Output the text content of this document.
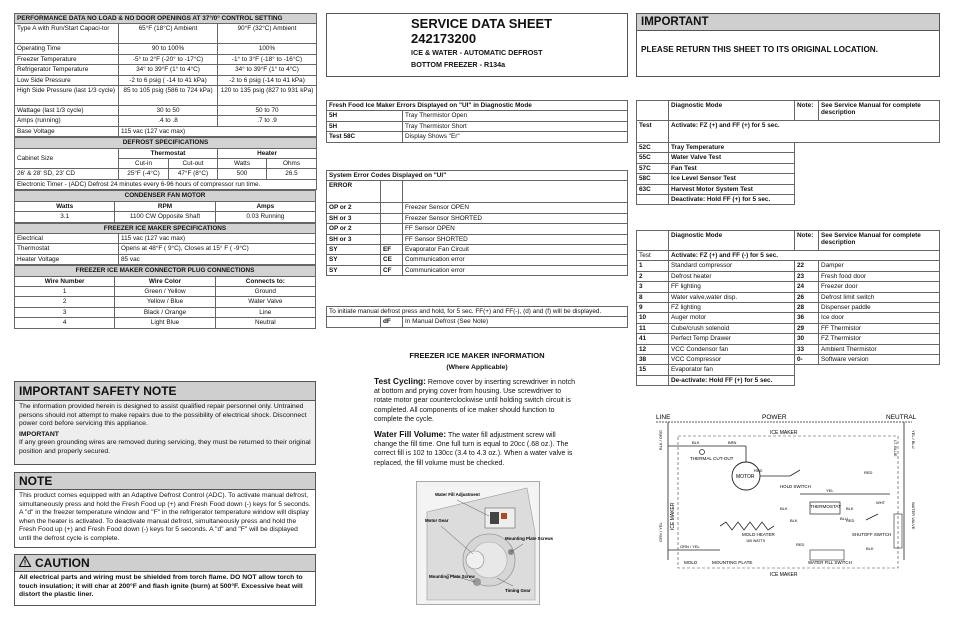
PERFORMANCE DATA NO LOAD & NO DOOR OPENINGS AT 37°/0° CONTROL SETTING		
Type A with Run/Start Capaci-tor	65°F (18°C) Ambient	90°F (32°C) Ambient
Operating Time	90 to 100%	100%
Freezer Temperature	-5° to 2°F (-20° to -17°C)	-1° to 3°F (-18° to -16°C)
Refrigerator Temperature	34° to 39°F (1° to 4°C)	34° to 39°F (1° to 4°C)
Low Side Pressure	-2 to 6 psig ( -14 to 41 kPa)	-2 to 6 psig (-14 to 41 kPa)
High Side Pressure (last 1/3 cycle)	85 to 105 psig (586 to 724 kPa)	120 to 135 psig (827 to 931 kPa)
Wattage (last 1/3 cycle)	30 to 50	50 to 70
Amps (running)	.4 to .8	.7 to .9
Base Voltage	115 vac (127 vac max)	
DEFROST SPECIFICATIONS				
Cabinet Size	Thermostat		Heater	
	Cut-in	Cut-out	Watts	Ohms
26' & 28' SD, 23' CD	25°F (-4°C)	47°F (8°C)	500	26.5
Electronic Timer - (ADC) Defrost 24 minutes every 6-96 hours of compressor run time.				
CONDENSER FAN MOTOR		
Watts	RPM	Amps
3.1	1100 CW Opposite Shaft	0.03 Running
FREEZER ICE MAKER SPECIFICATIONS	
Electrical	115 vac (127 vac max)
Thermostat	Opens at 48°F ( 9°C), Closes at 15° F ( -9°C)
Heater Voltage	85 vac
FREEZER ICE MAKER CONNECTOR PLUG CONNECTIONS		
Wire Number	Wire Color	Connects to:
1	Green / Yellow	Ground
2	Yellow / Blue	Water Valve
3	Black / Orange	Line
4	Light Blue	Neutral
IMPORTANT SAFETY NOTE
The information provided herein is designed to assist qualified repair personnel only. Untrained persons should not attempt to make repairs due to the possibility of electrical shock. Disconnect power cord before servicing this appliance.
IMPORTANT
If any green grounding wires are removed during servicing, they must be returned to their original position and properly secured.
NOTE
This product comes equipped with an Adaptive Defrost Control (ADC). To activate manual defrost, simultaneously press and hold the Fresh Food up (+) and Fresh Food down (-) keys for 5 seconds. A "d" in the freezer temperature window and "F" in the refrigerator temperature window will display when the heater is activated. To deactivate manual defrost, simultaneously press and hold the Fresh Food up (+) and Fresh Food down (-) keys for 5 seconds. A "d" and "F" will be displayed until the defrost cycle is complete.
CAUTION
All electrical parts and wiring must be shielded from torch flame. DO NOT allow torch to touch insulation; it will char at 200°F and flash ignite (burn) at 500°F. Excessive heat will distort the plastic liner.
SERVICE DATA SHEET
242173200
ICE & WATER - AUTOMATIC DEFROST
BOTTOM FREEZER - R134a
Fresh Food Ice Maker Errors Displayed on "UI" in Diagnostic Mode	
5H	Tray Thermistor Open
5H	Tray Thermistor Short
Test 58C	Display Shows "Er"
System Error Codes Displayed on "UI"		
ERROR		
OP or 2		Freezer Sensor OPEN
SH or 3		Freezer Sensor SHORTED
OP or 2		FF Sensor OPEN
SH or 3		FF Sensor SHORTED
SY	EF	Evaporator Fan Circuit
SY	CE	Communication error
SY	CF	Communication error
To initiate manual defrost press and hold, for 5 sec. FF(+) and FF(-), (d) and (f) will be displayed.
	dF	In Manual Defrost (See Note)
FREEZER ICE MAKER INFORMATION
(Where Applicable)
Test Cycling: Remove cover by inserting screwdriver in notch at bottom and prying cover from housing. Use screwdriver to rotate motor gear counterclockwise until holding switch circuit is completed. All components of ice maker should function to complete the cycle.
Water Fill Volume: The water fill adjustment screw will change the fill time. One full turn is equal to 20cc (.68 oz.). The correct fill is 102 to 130cc (3.4 to 4.3 oz.). When a water valve is replaced, the fill volume must be checked.
Water Fill Adjustment
Motor Gear
Mounting Plate Screws
Mounting Plate Screw
Timing Gear
IMPORTANT
PLEASE RETURN THIS SHEET TO ITS ORIGINAL LOCATION.
	Diagnostic Mode	Note:	See Service Manual for complete description
Test	Activate: FZ (+) and FF (+) for 5 sec.		
52C	Tray Temperature		
55C	Water Valve Test		
57C	Fan Test		
58C	Ice Level Sensor Test		
63C	Harvest Motor System Test		
	Deactivate: Hold FF (+) for 5 sec.		
	Diagnostic Mode	Note:	See Service Manual for complete description
Test	Activate: FZ (+) and FF (-) for 5 sec.		
1	Standard compressor	22	Damper
2	Defrost heater	23	Fresh food door
3	FF lighting	24	Freezer door
8	Water valve,water disp.	26	Defrost limit switch
9	FZ lighting	28	Dispenser paddle
10	Auger motor	36	Ice door
11	Cube/crush solenoid	29	FF Thermistor
41	Perfect Temp Drawer	30	FZ Thermistor
12	VCC Condensor fan	33	Ambient Thermistor
38	VCC Compressor	0-	Software version
15	Evaporator fan		
	De-activate: Hold FF (+) for 5 sec.		
LINE	POWER	NEUTRAL
ICE MAKER
ICE MAKER
ICE MAKER
BLK / ORG
GRN / YEL
YEL / BLU
WATER VALVE
LT. BLUE
MOTOR
BLK	BRN
THERMAL CUT-OUT
RED
HOLD SWITCH
YEL
THERMOSTAT BLK
RED
BLK
WHT
BLU
MOLD HEATER
165 WATTS
GRN / YEL
MOLD	MOUNTING PLATE
SHUTOFF SWITCH
WATER FILL SWITCH
RED
BLK
BLK
RED
